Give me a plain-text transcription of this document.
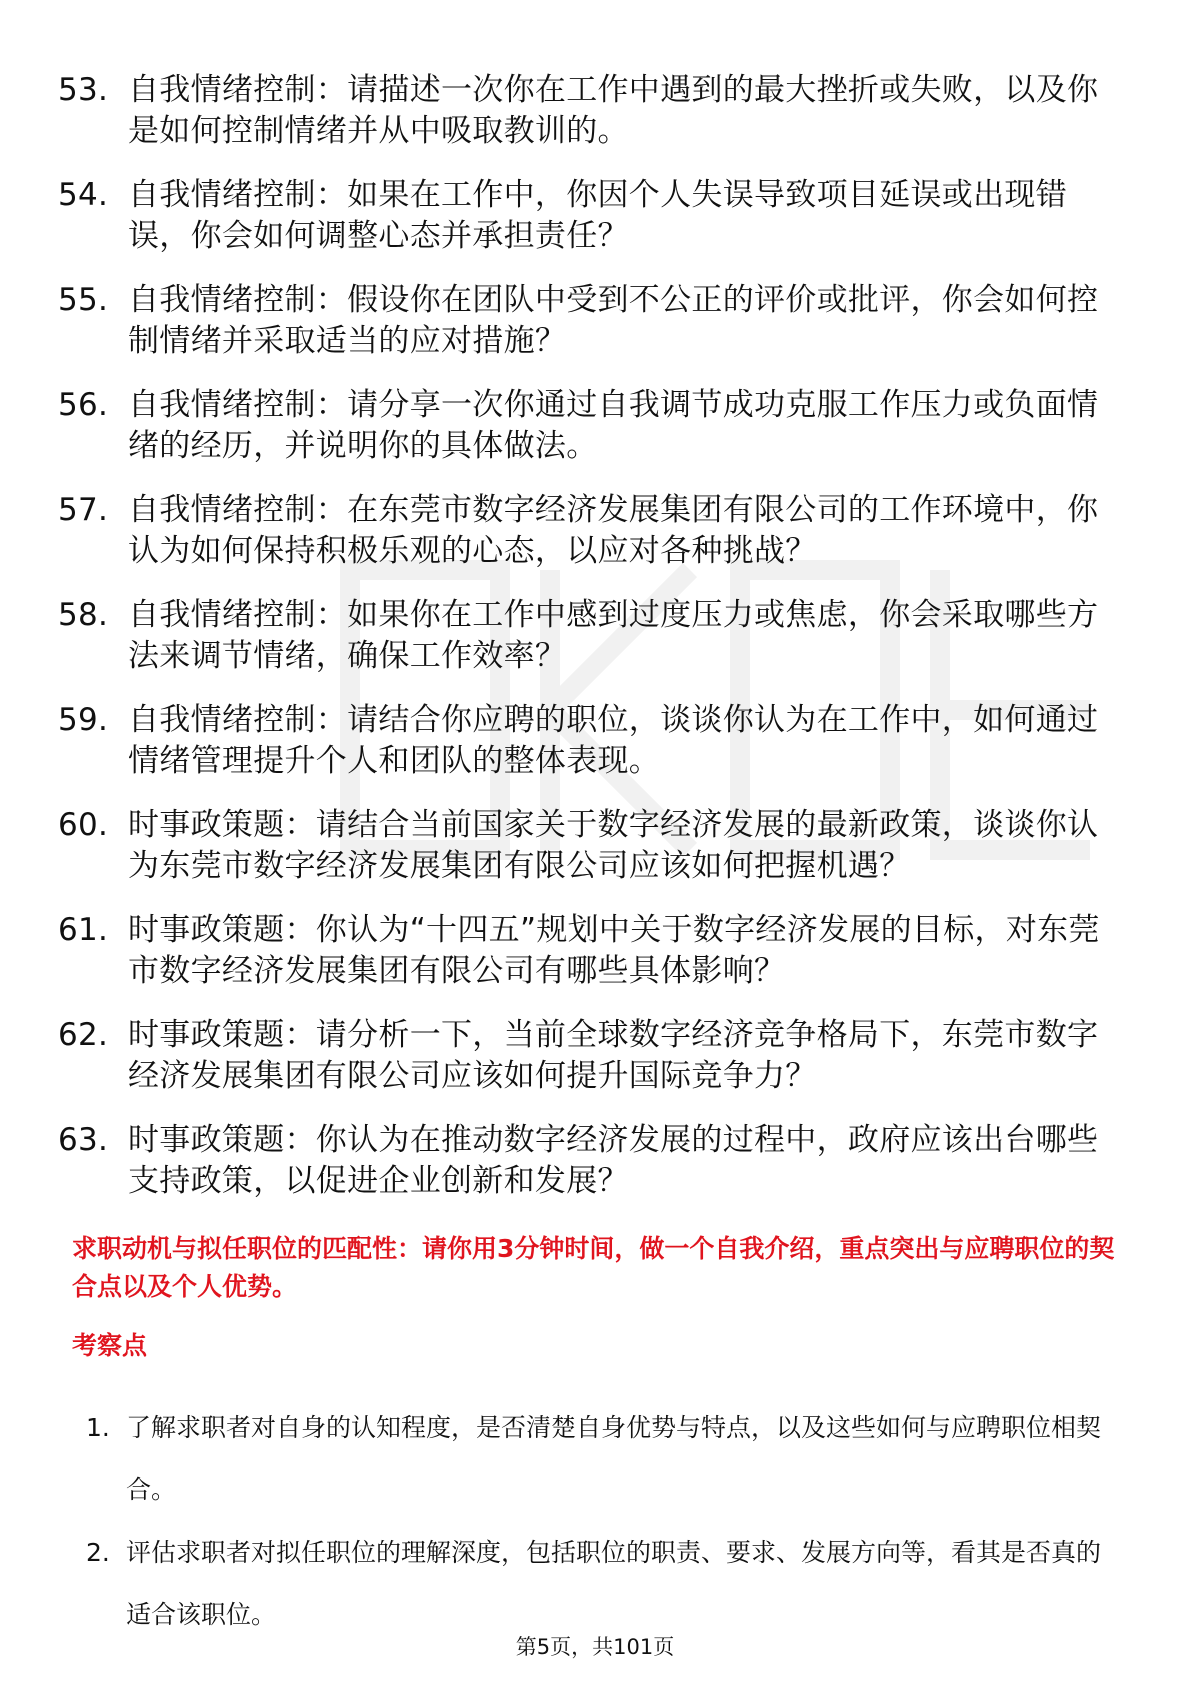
53. 自我情绪控制：请描述一次你在工作中遇到的最大挫折或失败，以及你是如何控制情绪并从中吸取教训的。
54. 自我情绪控制：如果在工作中，你因个人失误导致项目延误或出现错误，你会如何调整心态并承担责任？
55. 自我情绪控制：假设你在团队中受到不公正的评价或批评，你会如何控制情绪并采取适当的应对措施？
56. 自我情绪控制：请分享一次你通过自我调节成功克服工作压力或负面情绪的经历，并说明你的具体做法。
57. 自我情绪控制：在东莞市数字经济发展集团有限公司的工作环境中，你认为如何保持积极乐观的心态，以应对各种挑战？
58. 自我情绪控制：如果你在工作中感到过度压力或焦虑，你会采取哪些方法来调节情绪，确保工作效率？
59. 自我情绪控制：请结合你应聘的职位，谈谈你认为在工作中，如何通过情绪管理提升个人和团队的整体表现。
60. 时事政策题：请结合当前国家关于数字经济发展的最新政策，谈谈你认为东莞市数字经济发展集团有限公司应该如何把握机遇？
61. 时事政策题：你认为“十四五”规划中关于数字经济发展的目标，对东莞市数字经济发展集团有限公司有哪些具体影响？
62. 时事政策题：请分析一下，当前全球数字经济竞争格局下，东莞市数字经济发展集团有限公司应该如何提升国际竞争力？
63. 时事政策题：你认为在推动数字经济发展的过程中，政府应该出台哪些支持政策，以促进企业创新和发展？
求职动机与拟任职位的匹配性：请你用3分钟时间，做一个自我介绍，重点突出与应聘职位的契合点以及个人优势。
考察点
1. 了解求职者对自身的认知程度，是否清楚自身优势与特点，以及这些如何与应聘职位相契合。
2. 评估求职者对拟任职位的理解深度，包括职位的职责、要求、发展方向等，看其是否真的适合该职位。
第5页，共101页
